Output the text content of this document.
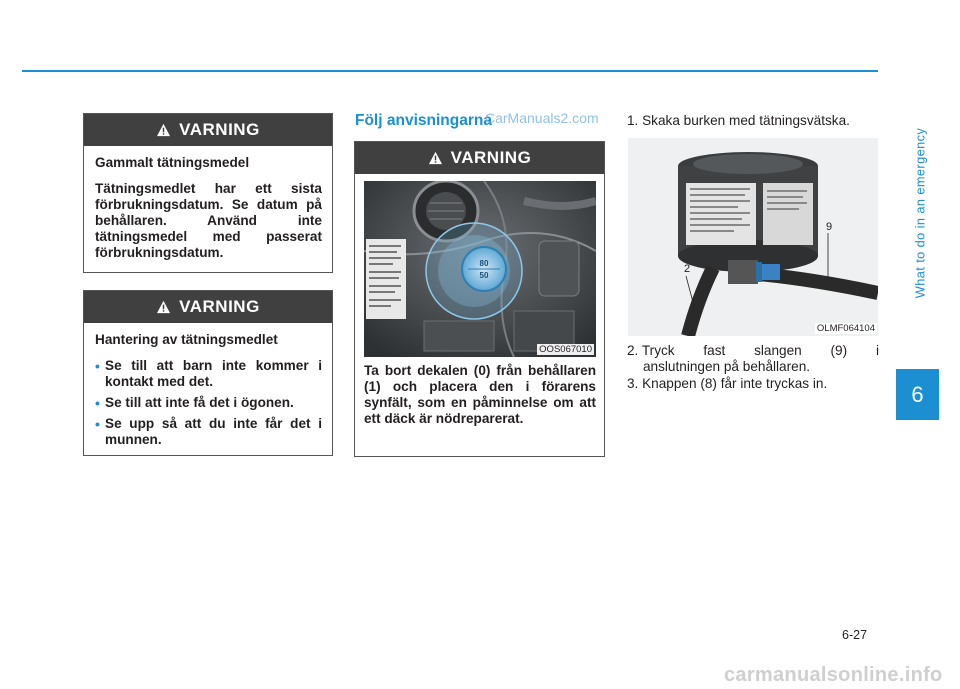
VARNING
Gammalt tätningsmedel
Tätningsmedlet har ett sista förbrukningsdatum. Se datum på behållaren. Använd inte tätningsmedel med passerat förbrukningsdatum.
VARNING
Hantering av tätningsmedlet
• Se till att barn inte kommer i kontakt med det.
• Se till att inte få det i ögonen.
• Se upp så att du inte får det i munnen.
Följ anvisningarna
CarManuals2.com
VARNING
80
50
OOS067010
Ta bort dekalen (0) från behållaren (1) och placera den i förarens synfält, som en påminnelse om att ett däck är nödreparerat.
1. Skaka burken med tätningsvätska.
9
2
OLMF064104
2. Tryck fast slangen (9) i
anslutningen på behållaren.
3. Knappen (8) får inte tryckas in.
What to do in an emergency
6
6-27
carmanualsonline.info
